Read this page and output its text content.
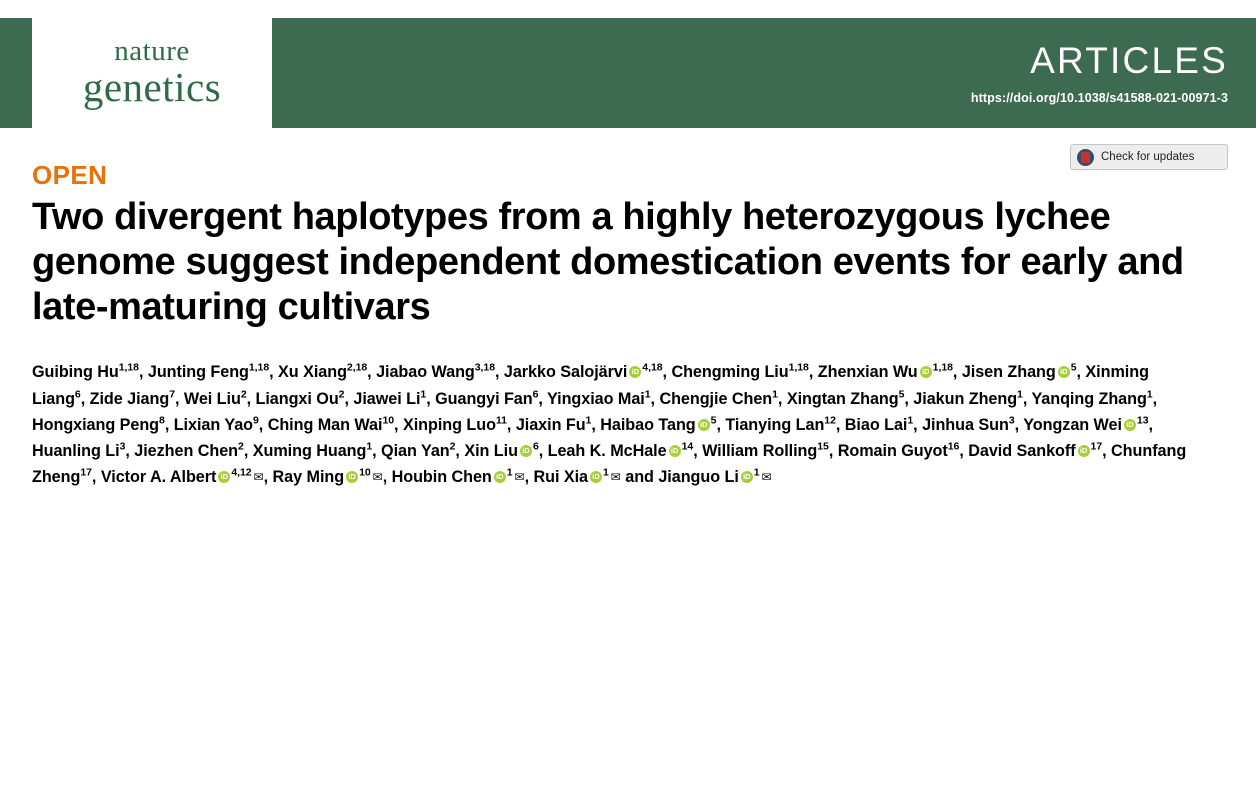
nature
genetics
ARTICLES
https://doi.org/10.1038/s41588-021-00971-3
Check for updates
OPEN
Two divergent haplotypes from a highly heterozygous lychee genome suggest independent domestication events for early and late-maturing cultivars
Guibing Hu$^{1,18}$, Junting Feng$^{1,18}$, Xu Xiang$^{2,18}$, Jiabao Wang$^{3,18}$, Jarkko Salojärvi iD $^{4,18}$, Chengming Liu$^{1,18}$, Zhenxian Wu iD $^{1,18}$, Jisen Zhang iD $^5$, Xinming Liang$^6$, Zide Jiang$^7$, Wei Liu$^2$, Liangxi Ou$^2$, Jiawei Li$^1$, Guangyi Fan$^6$, Yingxiao Mai$^1$, Chengjie Chen$^1$, Xingtan Zhang$^5$, Jiakun Zheng$^1$, Yanqing Zhang$^1$, Hongxiang Peng$^8$, Lixian Yao$^9$, Ching Man Wai$^{10}$, Xinping Luo$^{11}$, Jiaxin Fu$^1$, Haibao Tang iD $^5$, Tianying Lan$^{12}$, Biao Lai$^1$, Jinhua Sun$^3$, Yongzan Wei iD $^{13}$, Huanling Li$^3$, Jiezhen Chen$^2$, Xuming Huang$^1$, Qian Yan$^2$, Xin Liu iD $^6$, Leah K. McHale iD $^{14}$, William Rolling$^{15}$, Romain Guyot$^{16}$, David Sankoff iD $^{17}$, Chunfang Zheng$^{17}$, Victor A. Albert iD $^{4,12}$ ✉, Ray Ming iD $^{10}$ ✉, Houbin CheniD $^1$ ✉, Rui Xia iD $^1$ ✉ and Jianguo Li iD $^1$ ✉
